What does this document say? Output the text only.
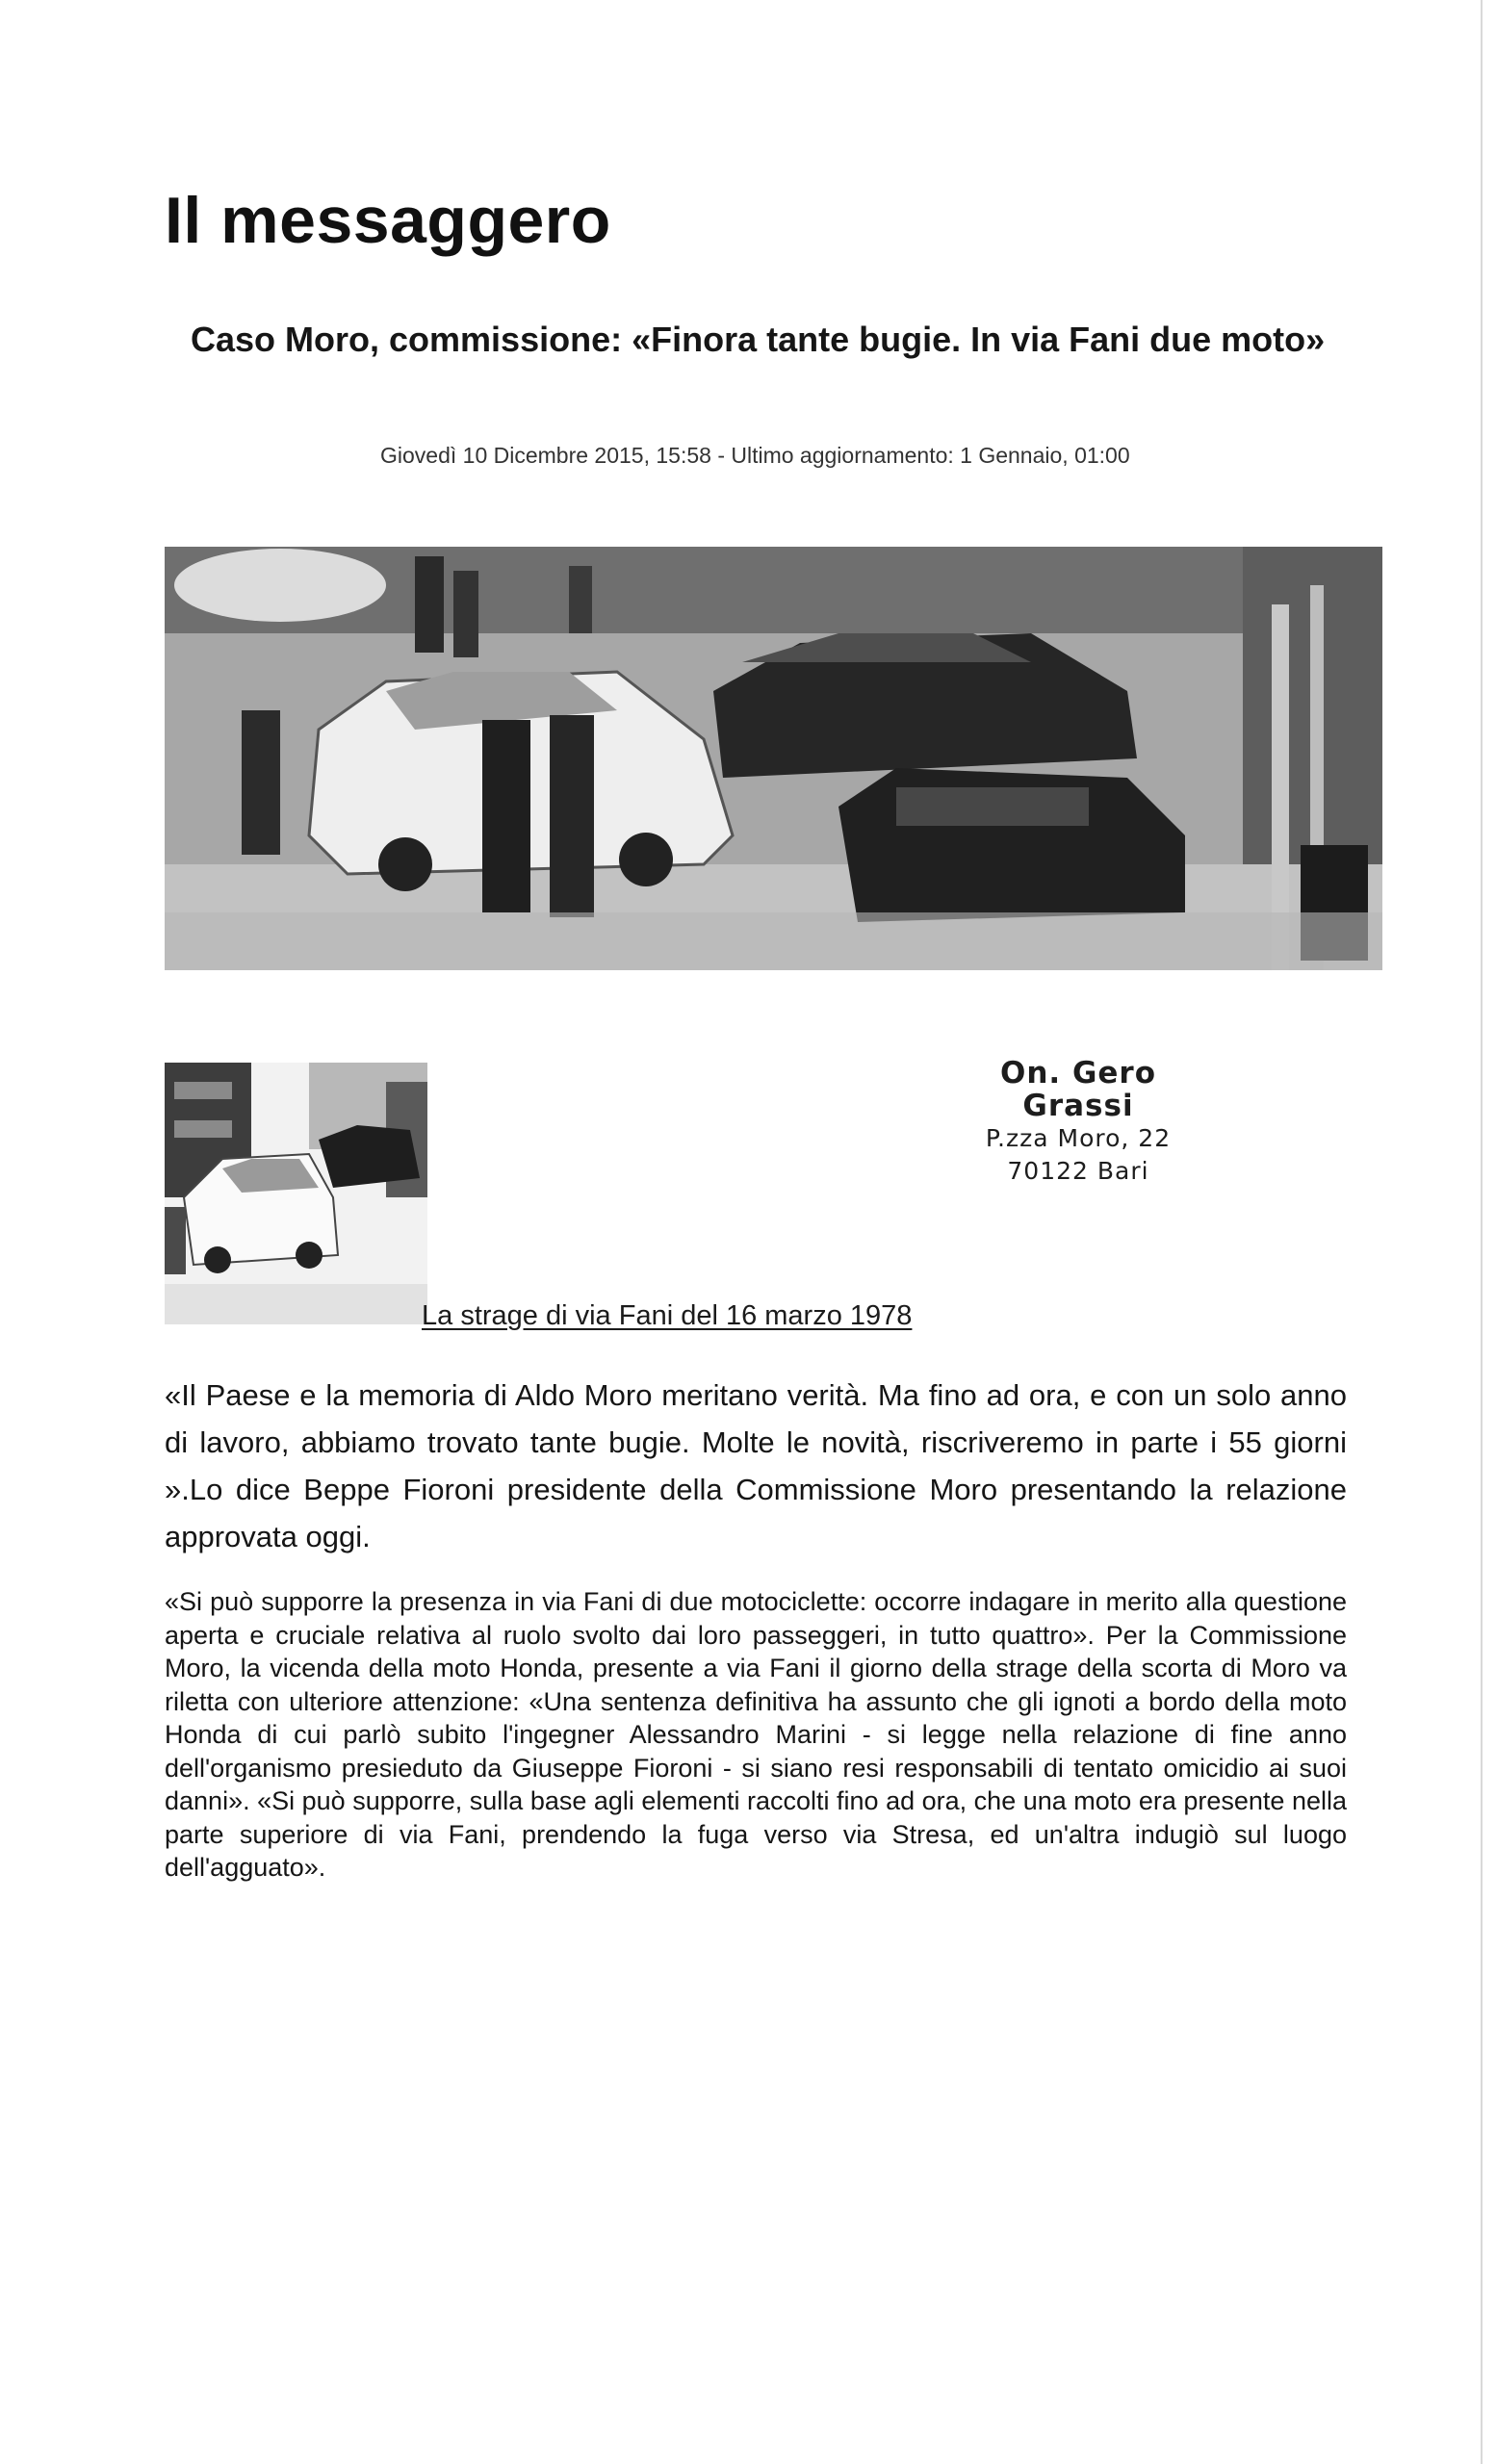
Il messaggero
Caso Moro, commissione: «Finora tante bugie. In via Fani due moto»
Giovedì 10 Dicembre 2015, 15:58 - Ultimo aggiornamento: 1 Gennaio, 01:00
On. Gero Grassi
P.zza Moro, 22
70122 Bari
La strage di via Fani del 16 marzo 1978

«Il Paese e la memoria di Aldo Moro meritano verità. Ma fino ad ora, e con un solo anno di lavoro, abbiamo trovato tante bugie. Molte le novità, riscriveremo in parte i 55 giorni ».Lo dice Beppe Fioroni presidente della Commissione Moro presentando la relazione approvata oggi.

«Si può supporre la presenza in via Fani di due motociclette: occorre indagare in merito alla questione aperta e cruciale relativa al ruolo svolto dai loro passeggeri, in tutto quattro». Per la Commissione Moro, la vicenda della moto Honda, presente a via Fani il giorno della strage della scorta di Moro va riletta con ulteriore attenzione: «Una sentenza definitiva ha assunto che gli ignoti a bordo della moto Honda di cui parlò subito l'ingegner Alessandro Marini - si legge nella relazione di fine anno dell'organismo presieduto da Giuseppe Fioroni - si siano resi responsabili di tentato omicidio ai suoi danni». «Si può supporre, sulla base agli elementi raccolti fino ad ora, che una moto era presente nella parte superiore di via Fani, prendendo la fuga verso via Stresa, ed un'altra indugiò sul luogo dell'agguato».
